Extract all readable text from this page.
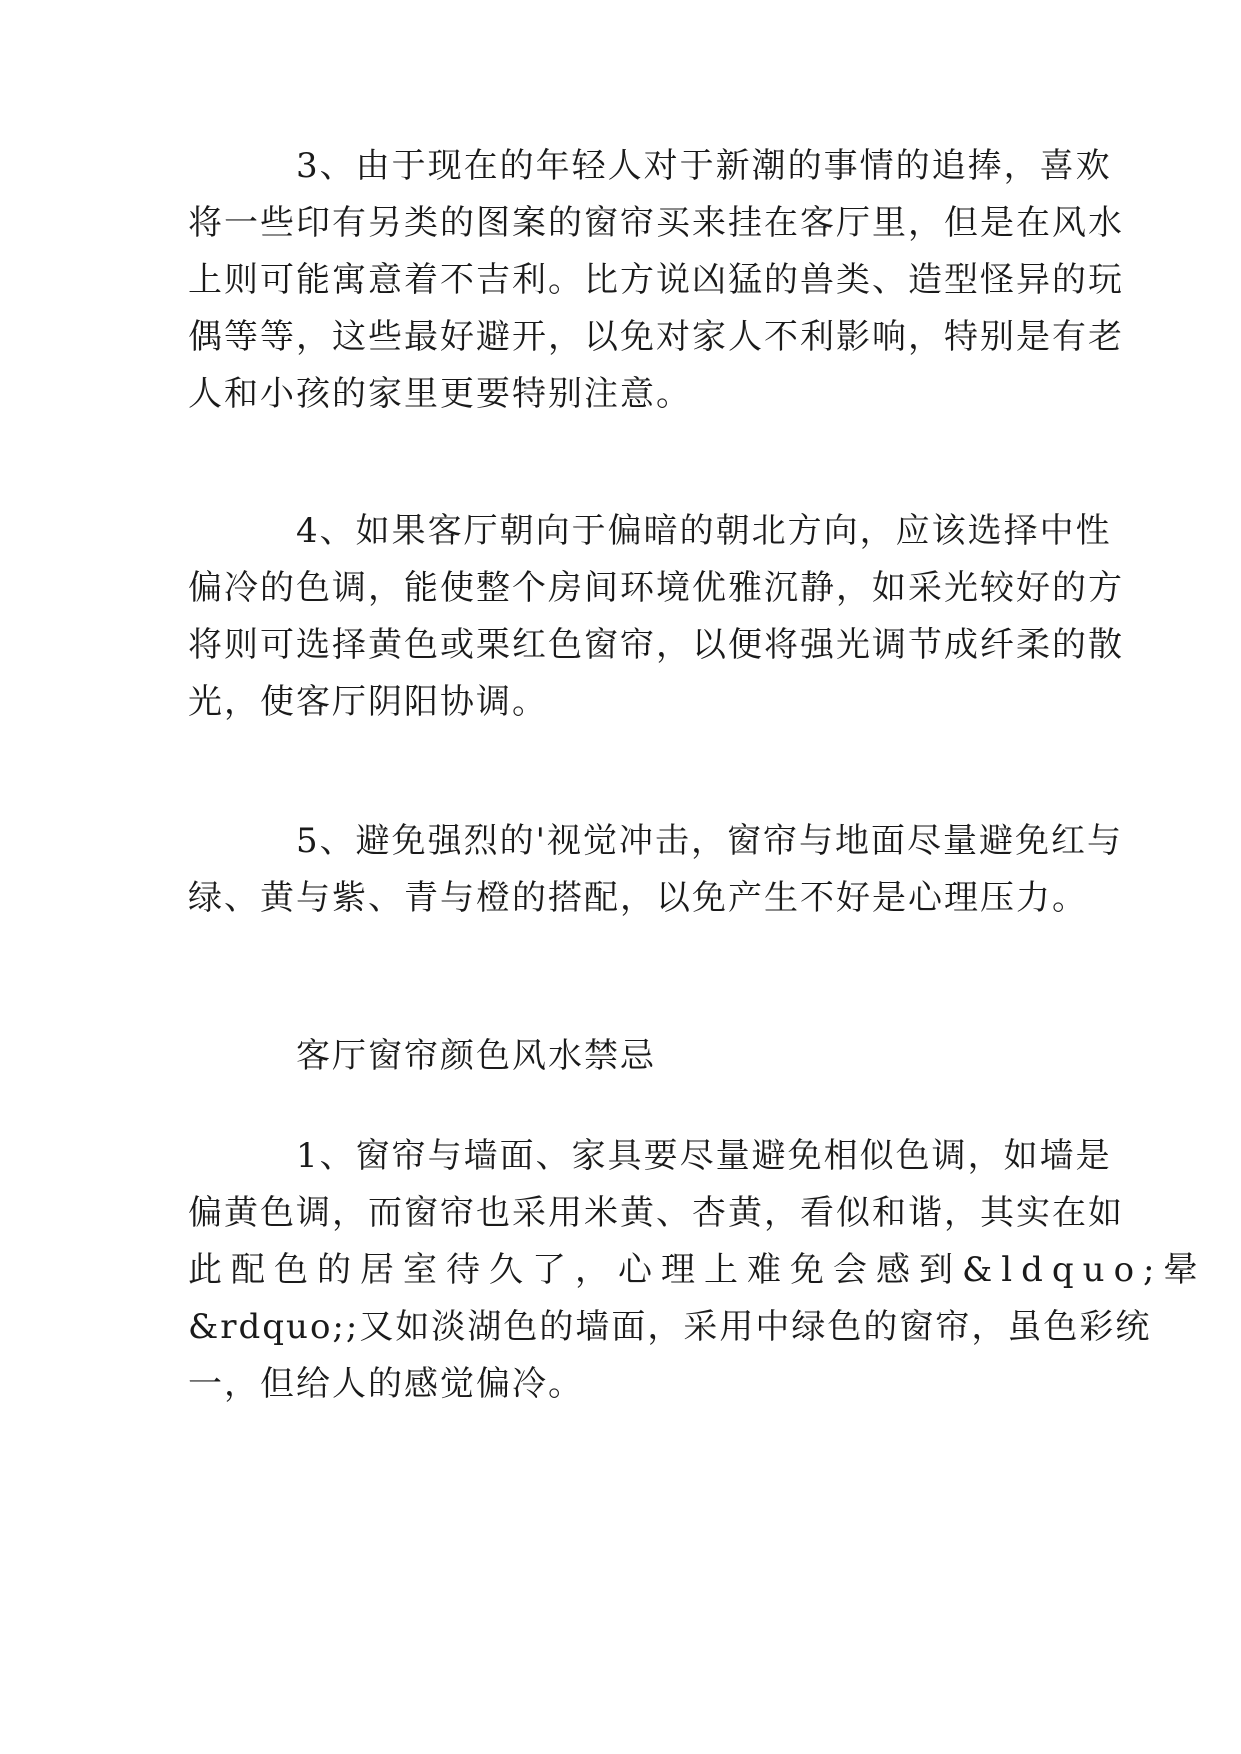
3、由于现在的年轻人对于新潮的事情的追捧，喜欢
将一些印有另类的图案的窗帘买来挂在客厅里，但是在风水
上则可能寓意着不吉利。比方说凶猛的兽类、造型怪异的玩
偶等等，这些最好避开，以免对家人不利影响，特别是有老
人和小孩的家里更要特别注意。
4、如果客厅朝向于偏暗的朝北方向，应该选择中性
偏冷的色调，能使整个房间环境优雅沉静，如采光较好的方
将则可选择黄色或栗红色窗帘，以便将强光调节成纤柔的散
光，使客厅阴阳协调。
5、避免强烈的'视觉冲击，窗帘与地面尽量避免红与
绿、黄与紫、青与橙的搭配，以免产生不好是心理压力。
客厅窗帘颜色风水禁忌
1、窗帘与墙面、家具要尽量避免相似色调，如墙是
偏黄色调，而窗帘也采用米黄、杏黄，看似和谐，其实在如
此配色的居室待久了，心理上难免会感到&ldquo;晕
&rdquo;;又如淡湖色的墙面，采用中绿色的窗帘，虽色彩统
一，但给人的感觉偏冷。
